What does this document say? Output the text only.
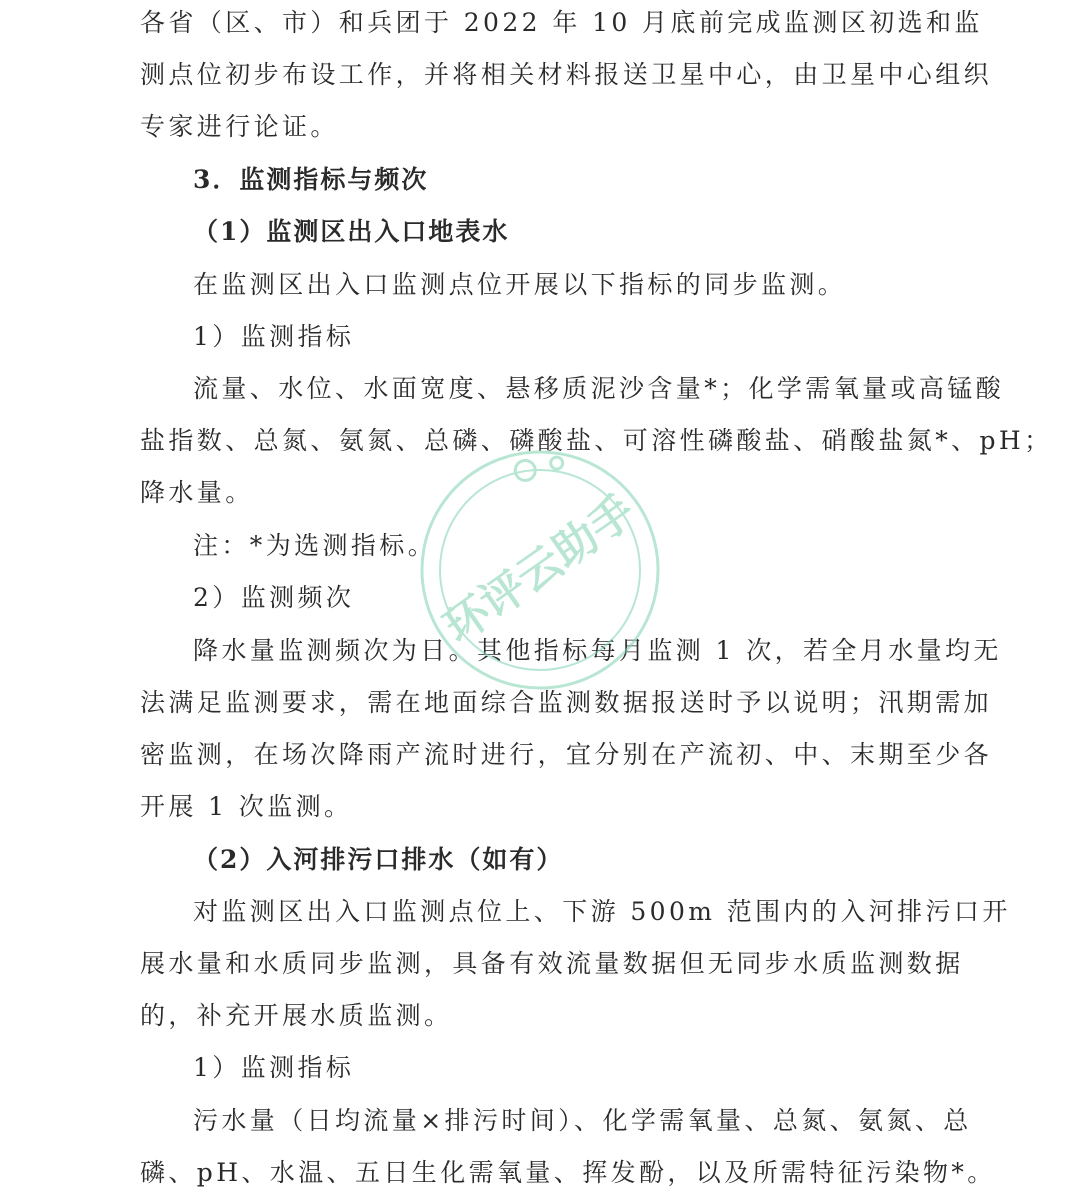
各省（区、市）和兵团于 2022 年 10 月底前完成监测区初选和监
测点位初步布设工作，并将相关材料报送卫星中心，由卫星中心组织
专家进行论证。
3．监测指标与频次
（1）监测区出入口地表水
在监测区出入口监测点位开展以下指标的同步监测。
1）监测指标
流量、水位、水面宽度、悬移质泥沙含量*；化学需氧量或高锰酸
盐指数、总氮、氨氮、总磷、磷酸盐、可溶性磷酸盐、硝酸盐氮*、pH；
降水量。
注：*为选测指标。
2）监测频次
降水量监测频次为日。其他指标每月监测 1 次，若全月水量均无
法满足监测要求，需在地面综合监测数据报送时予以说明；汛期需加
密监测，在场次降雨产流时进行，宜分别在产流初、中、末期至少各
开展 1 次监测。
（2）入河排污口排水（如有）
对监测区出入口监测点位上、下游 500m 范围内的入河排污口开
展水量和水质同步监测，具备有效流量数据但无同步水质监测数据
的，补充开展水质监测。
1）监测指标
污水量（日均流量×排污时间）、化学需氧量、总氮、氨氮、总
磷、pH、水温、五日生化需氧量、挥发酚，以及所需特征污染物*。
环评云助手
